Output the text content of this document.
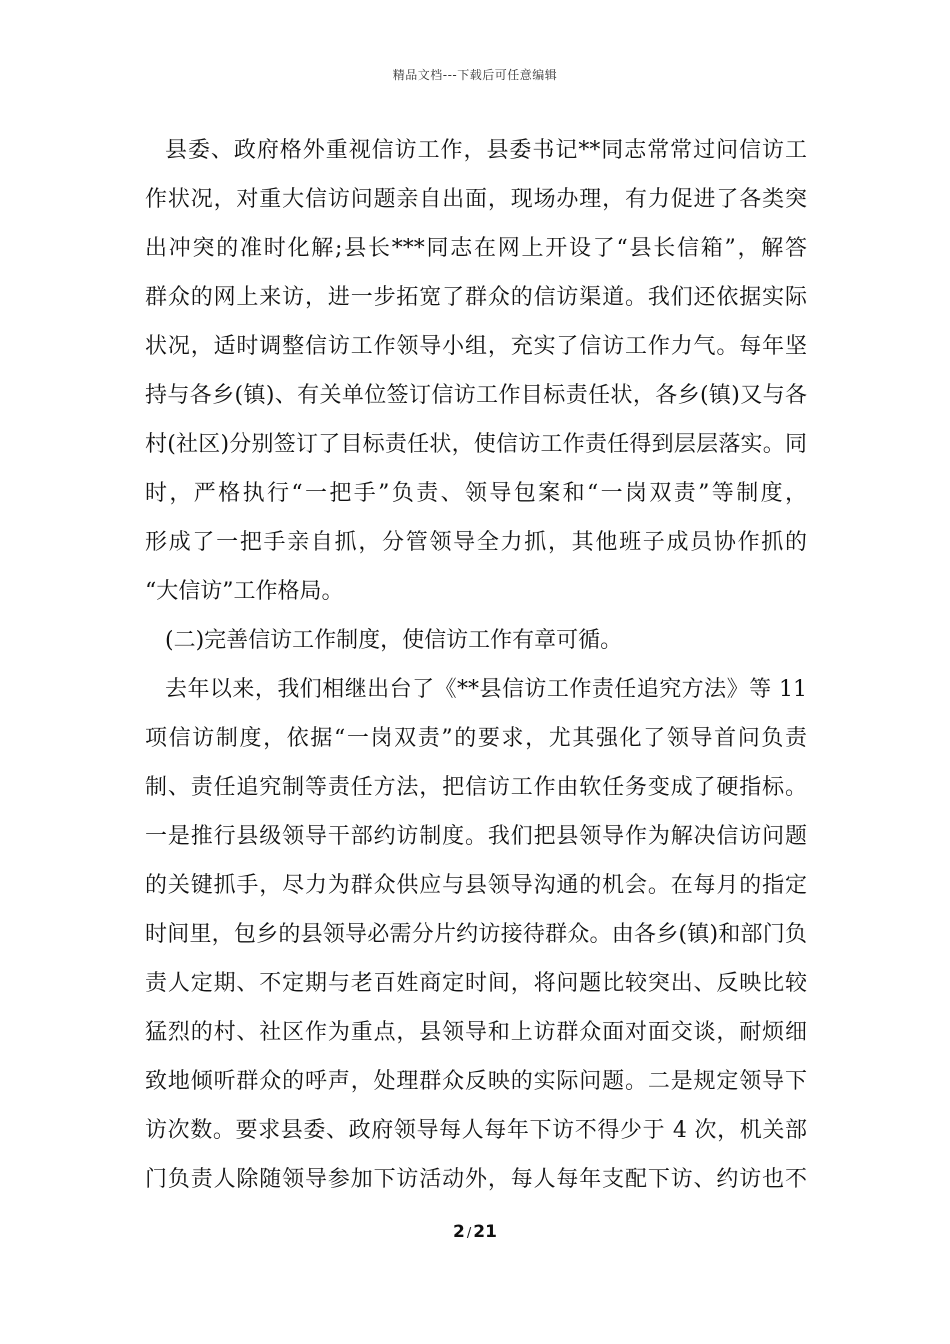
精品文档---下载后可任意编辑
县委、政府格外重视信访工作，县委书记**同志常常过问信访工
作状况，对重大信访问题亲自出面，现场办理，有力促进了各类突
出冲突的准时化解;县长***同志在网上开设了“县长信箱”，解答
群众的网上来访，进一步拓宽了群众的信访渠道。我们还依据实际
状况，适时调整信访工作领导小组，充实了信访工作力气。每年坚
持与各乡(镇)、有关单位签订信访工作目标责任状，各乡(镇)又与各
村(社区)分别签订了目标责任状，使信访工作责任得到层层落实。同
时，严格执行“一把手”负责、领导包案和“一岗双责”等制度，
形成了一把手亲自抓，分管领导全力抓，其他班子成员协作抓的
“大信访”工作格局。
(二)完善信访工作制度，使信访工作有章可循。
去年以来，我们相继出台了《**县信访工作责任追究方法》等 11
项信访制度，依据“一岗双责”的要求，尤其强化了领导首问负责
制、责任追究制等责任方法，把信访工作由软任务变成了硬指标。
一是推行县级领导干部约访制度。我们把县领导作为解决信访问题
的关键抓手，尽力为群众供应与县领导沟通的机会。在每月的指定
时间里，包乡的县领导必需分片约访接待群众。由各乡(镇)和部门负
责人定期、不定期与老百姓商定时间，将问题比较突出、反映比较
猛烈的村、社区作为重点，县领导和上访群众面对面交谈，耐烦细
致地倾听群众的呼声，处理群众反映的实际问题。二是规定领导下
访次数。要求县委、政府领导每人每年下访不得少于 4 次，机关部
门负责人除随领导参加下访活动外，每人每年支配下访、约访也不
2 / 21
